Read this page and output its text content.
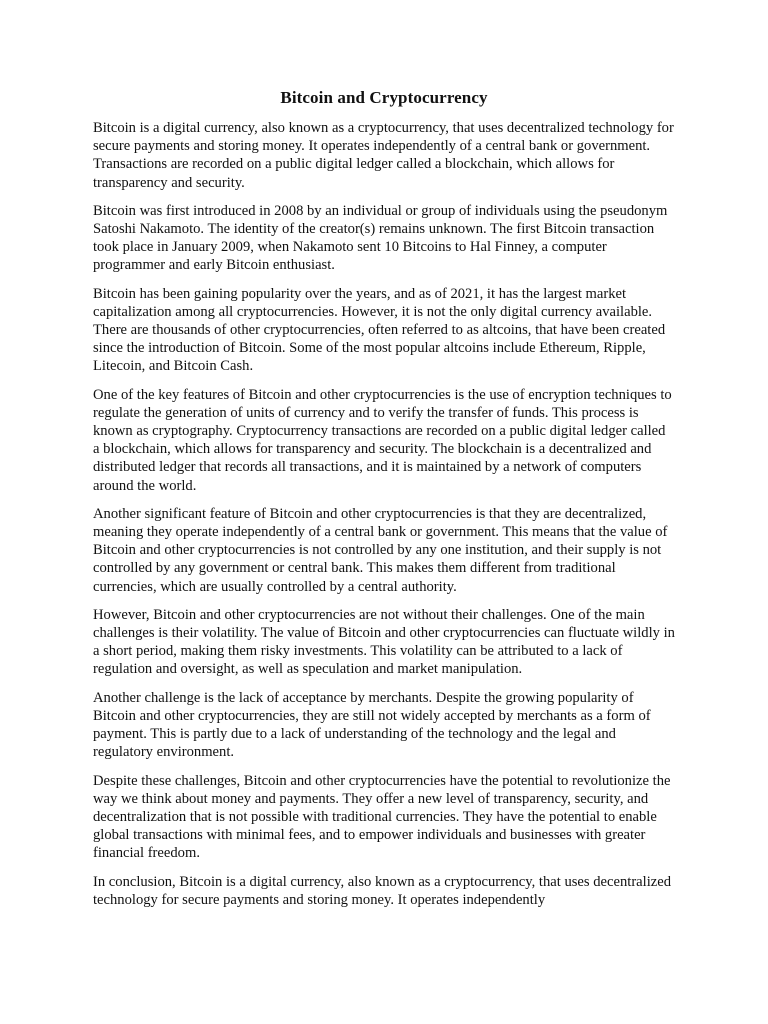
Bitcoin and Cryptocurrency

Bitcoin is a digital currency, also known as a cryptocurrency, that uses decentralized technology for secure payments and storing money. It operates independently of a central bank or government. Transactions are recorded on a public digital ledger called a blockchain, which allows for transparency and security.

Bitcoin was first introduced in 2008 by an individual or group of individuals using the pseudonym Satoshi Nakamoto. The identity of the creator(s) remains unknown. The first Bitcoin transaction took place in January 2009, when Nakamoto sent 10 Bitcoins to Hal Finney, a computer programmer and early Bitcoin enthusiast.

Bitcoin has been gaining popularity over the years, and as of 2021, it has the largest market capitalization among all cryptocurrencies. However, it is not the only digital currency available. There are thousands of other cryptocurrencies, often referred to as altcoins, that have been created since the introduction of Bitcoin. Some of the most popular altcoins include Ethereum, Ripple, Litecoin, and Bitcoin Cash.

One of the key features of Bitcoin and other cryptocurrencies is the use of encryption techniques to regulate the generation of units of currency and to verify the transfer of funds. This process is known as cryptography. Cryptocurrency transactions are recorded on a public digital ledger called a blockchain, which allows for transparency and security. The blockchain is a decentralized and distributed ledger that records all transactions, and it is maintained by a network of computers around the world.

Another significant feature of Bitcoin and other cryptocurrencies is that they are decentralized, meaning they operate independently of a central bank or government. This means that the value of Bitcoin and other cryptocurrencies is not controlled by any one institution, and their supply is not controlled by any government or central bank. This makes them different from traditional currencies, which are usually controlled by a central authority.

However, Bitcoin and other cryptocurrencies are not without their challenges. One of the main challenges is their volatility. The value of Bitcoin and other cryptocurrencies can fluctuate wildly in a short period, making them risky investments. This volatility can be attributed to a lack of regulation and oversight, as well as speculation and market manipulation.

Another challenge is the lack of acceptance by merchants. Despite the growing popularity of Bitcoin and other cryptocurrencies, they are still not widely accepted by merchants as a form of payment. This is partly due to a lack of understanding of the technology and the legal and regulatory environment.

Despite these challenges, Bitcoin and other cryptocurrencies have the potential to revolutionize the way we think about money and payments. They offer a new level of transparency, security, and decentralization that is not possible with traditional currencies. They have the potential to enable global transactions with minimal fees, and to empower individuals and businesses with greater financial freedom.

In conclusion, Bitcoin is a digital currency, also known as a cryptocurrency, that uses decentralized technology for secure payments and storing money. It operates independently
